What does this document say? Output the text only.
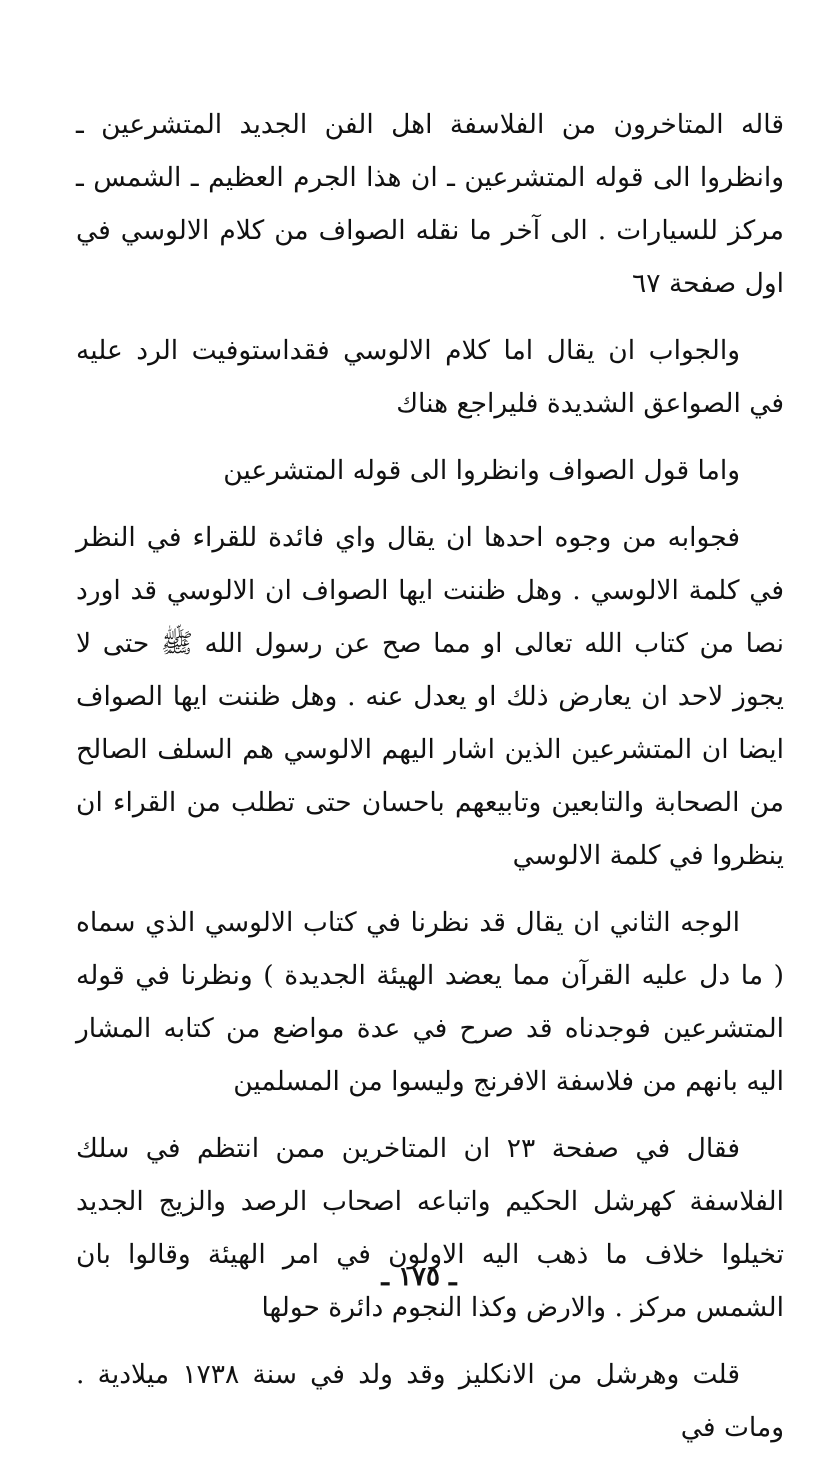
قاله المتاخرون من الفلاسفة اهل الفن الجديد المتشرعين ـ وانظروا الى قوله المتشرعين ـ ان هذا الجرم العظيم ـ الشمس ـ مركز للسيارات . الى آخر ما نقله الصواف من كلام الالوسي في اول صفحة ٦٧

والجواب ان يقال اما كلام الالوسي فقداستوفيت الرد عليه في الصواعق الشديدة فليراجع هناك

واما قول الصواف وانظروا الى قوله المتشرعين

فجوابه من وجوه احدها ان يقال واي فائدة للقراء في النظر في كلمة الالوسي . وهل ظننت ايها الصواف ان الالوسي قد اورد نصا من كتاب الله تعالى او مما صح عن رسول الله ﷺ حتى لا يجوز لاحد ان يعارض ذلك او يعدل عنه . وهل ظننت ايها الصواف ايضا ان المتشرعين الذين اشار اليهم الالوسي هم السلف الصالح من الصحابة والتابعين وتابيعهم باحسان حتى تطلب من القراء ان ينظروا في كلمة الالوسي

الوجه الثاني ان يقال قد نظرنا في كتاب الالوسي الذي سماه ( ما دل عليه القرآن مما يعضد الهيئة الجديدة ) ونظرنا في قوله المتشرعين فوجدناه قد صرح في عدة مواضع من كتابه المشار اليه بانهم من فلاسفة الافرنج وليسوا من المسلمين

فقال في صفحة ٢٣ ان المتاخرين ممن انتظم في سلك الفلاسفة كهرشل الحكيم واتباعه اصحاب الرصد والزيج الجديد تخيلوا خلاف ما ذهب اليه الاولون في امر الهيئة وقالوا بان الشمس مركز . والارض وكذا النجوم دائرة حولها

قلت وهرشل من الانكليز وقد ولد في سنة ١٧٣٨ ميلادية . ومات في

ـ ١٧٥ ـ
